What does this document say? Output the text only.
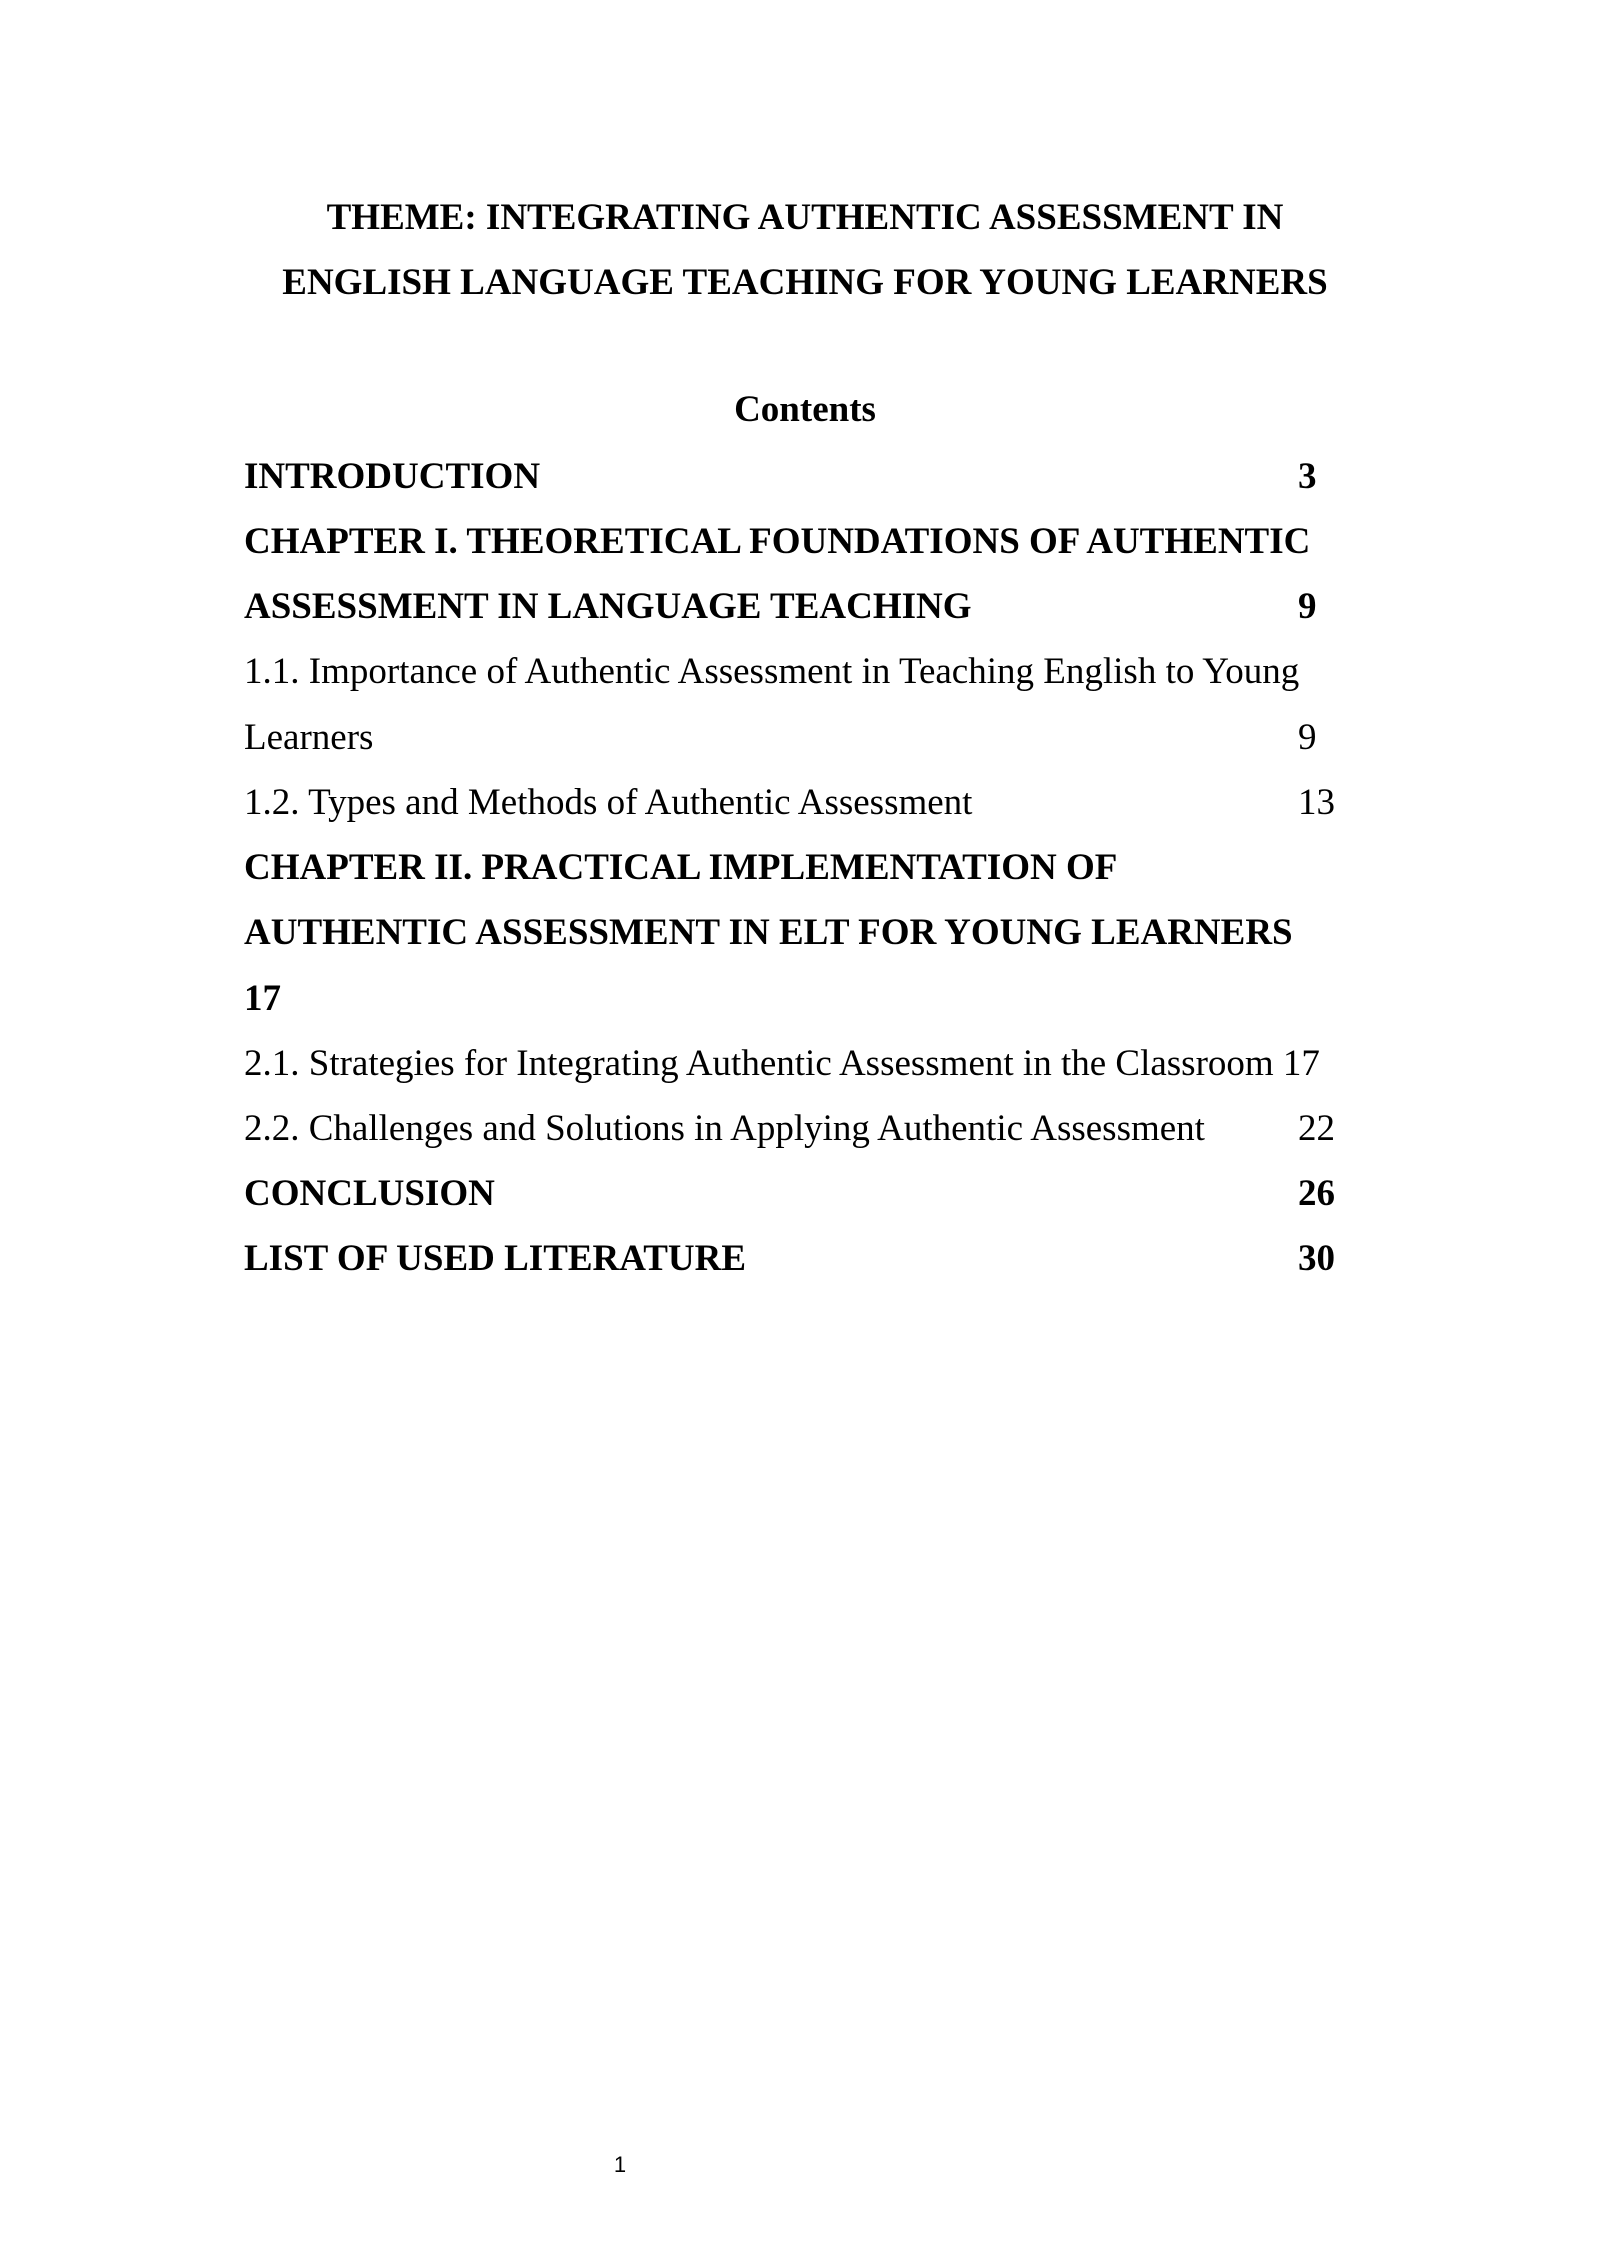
THEME: INTEGRATING AUTHENTIC ASSESSMENT IN
ENGLISH LANGUAGE TEACHING FOR YOUNG LEARNERS
Contents
INTRODUCTION	3
CHAPTER I. THEORETICAL FOUNDATIONS OF AUTHENTIC
ASSESSMENT IN LANGUAGE TEACHING	9
1.1. Importance of Authentic Assessment in Teaching English to Young
Learners	9
1.2. Types and Methods of Authentic Assessment	13
CHAPTER II. PRACTICAL IMPLEMENTATION OF
AUTHENTIC ASSESSMENT IN ELT FOR YOUNG LEARNERS
17
2.1. Strategies for Integrating Authentic Assessment in the Classroom 17
2.2. Challenges and Solutions in Applying Authentic Assessment	22
CONCLUSION	26
LIST OF USED LITERATURE	30
1
